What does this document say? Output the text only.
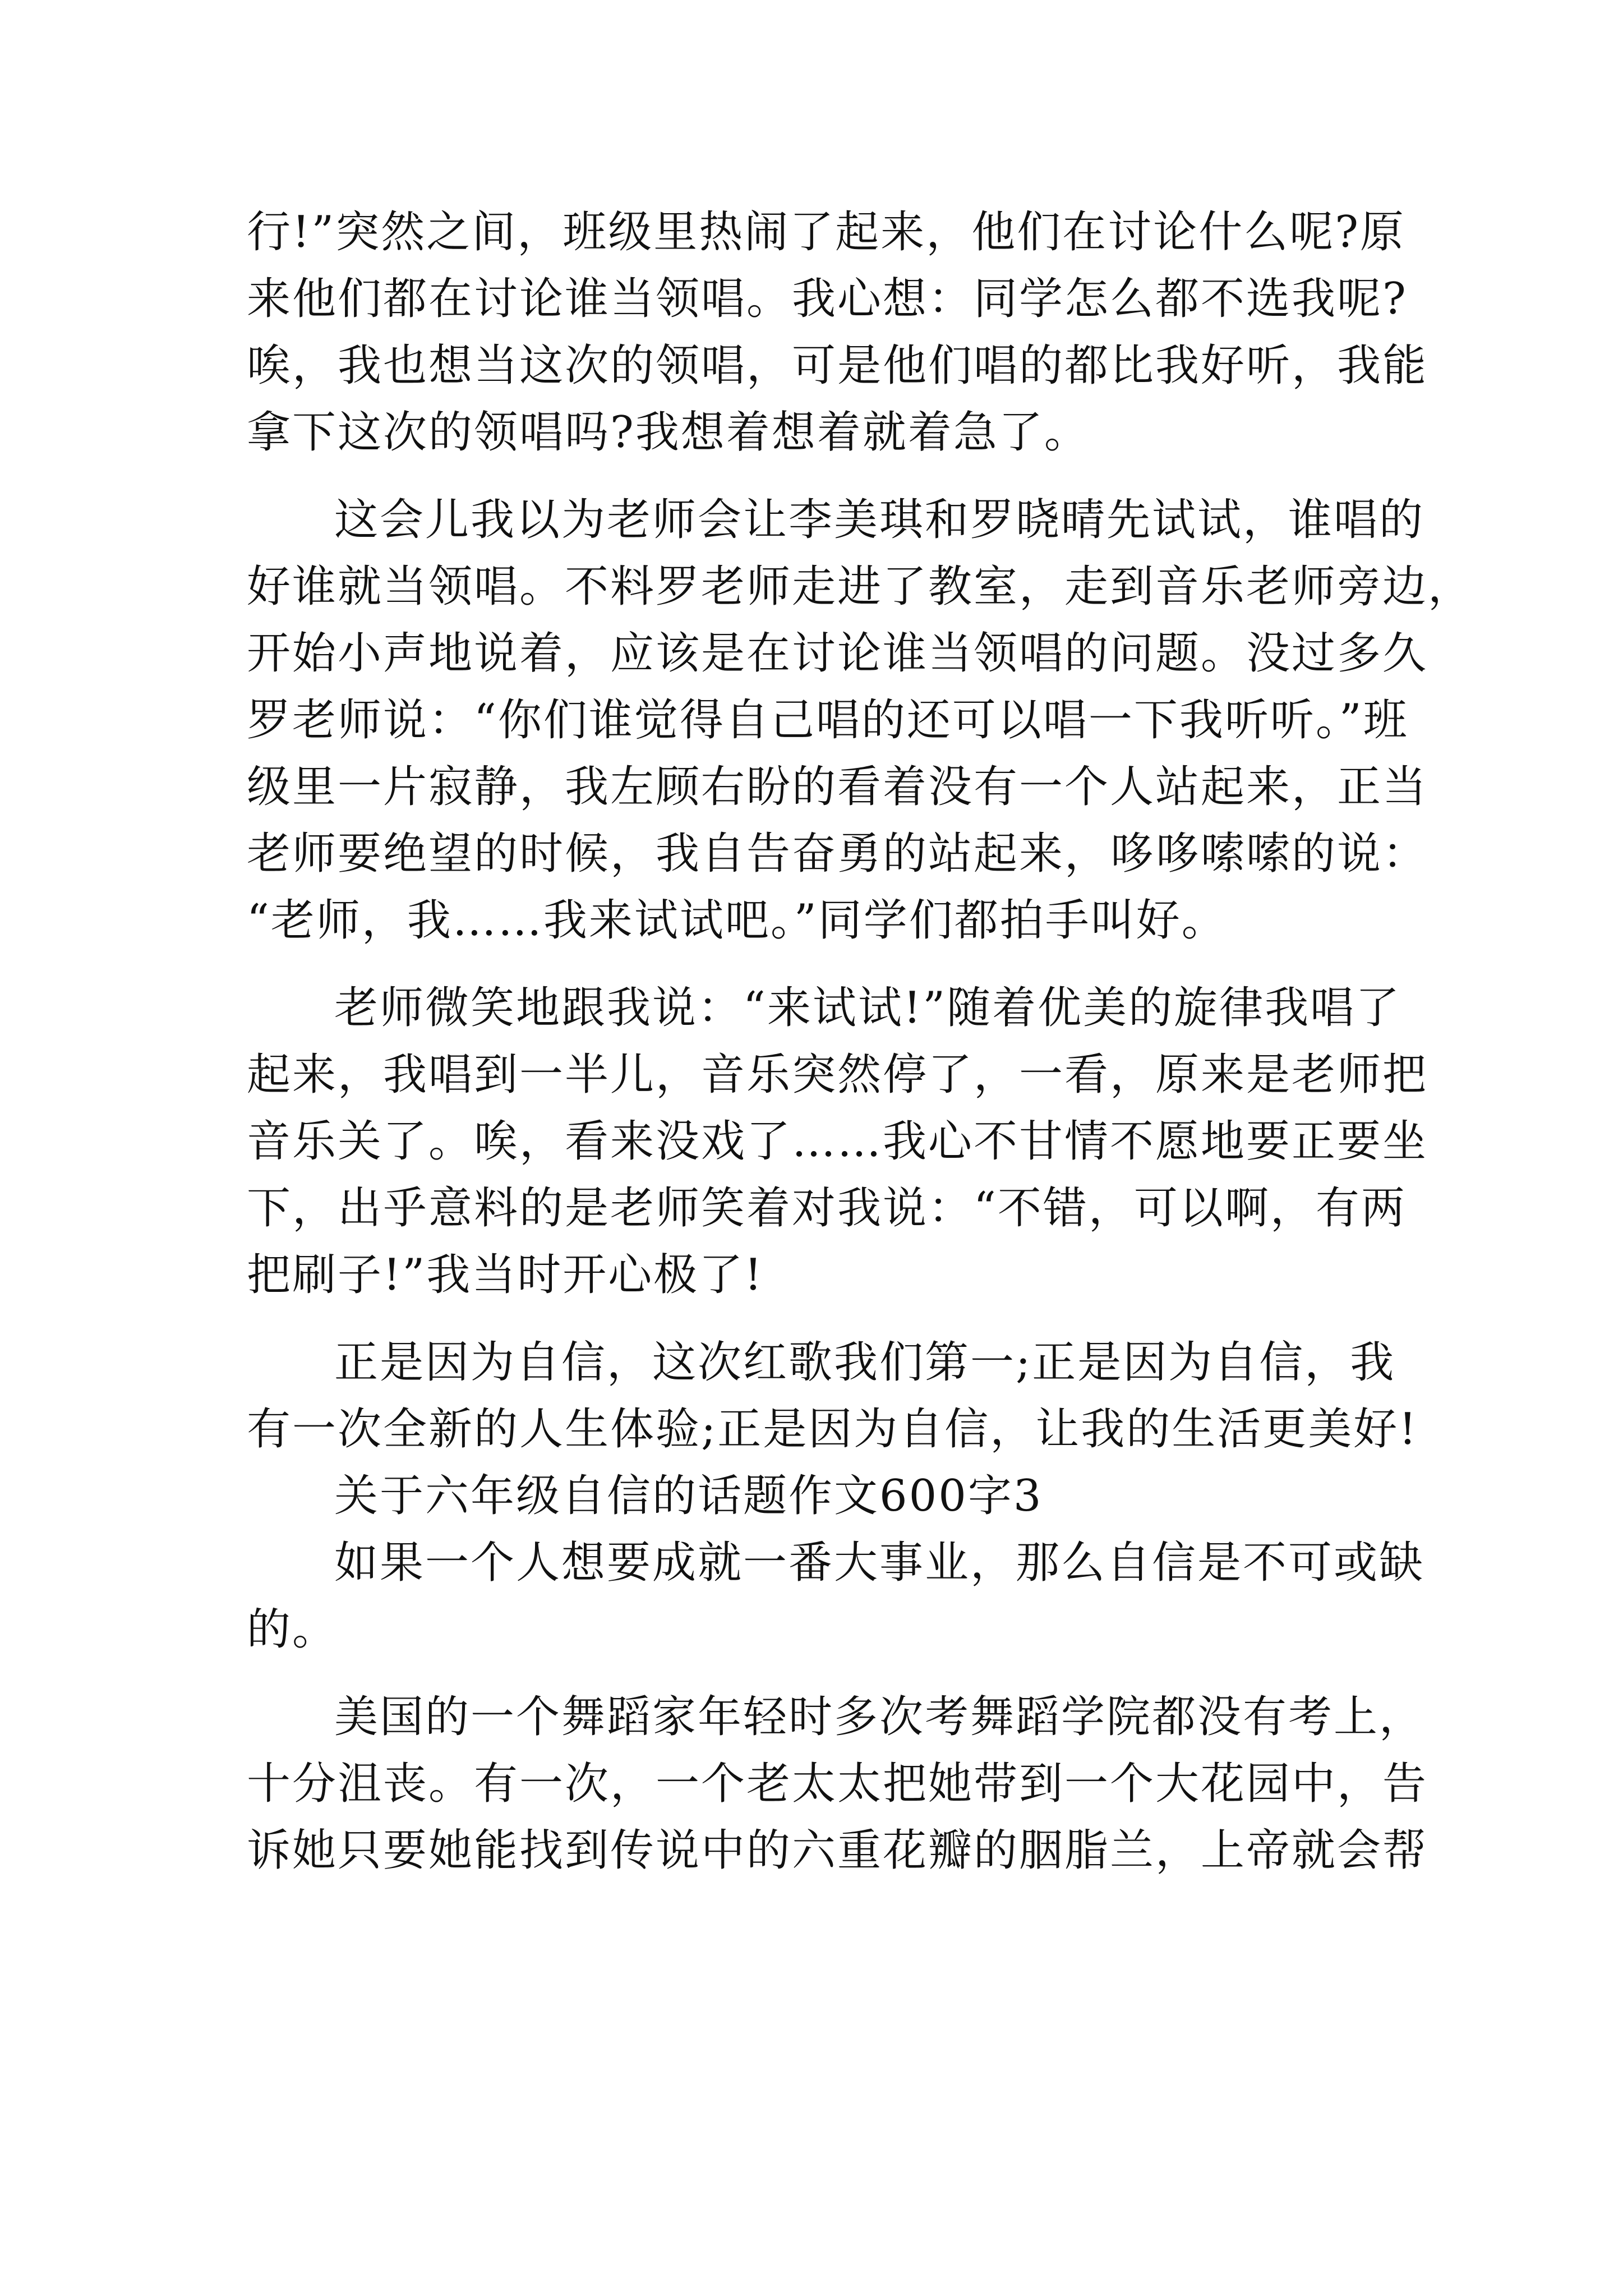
行!”突然之间，班级里热闹了起来，他们在讨论什么呢?原
来他们都在讨论谁当领唱。我心想：同学怎么都不选我呢?
唉，我也想当这次的领唱，可是他们唱的都比我好听，我能
拿下这次的领唱吗?我想着想着就着急了。
这会儿我以为老师会让李美琪和罗晓晴先试试，谁唱的
好谁就当领唱。不料罗老师走进了教室，走到音乐老师旁边，
开始小声地说着，应该是在讨论谁当领唱的问题。没过多久
罗老师说：“你们谁觉得自己唱的还可以唱一下我听听。”班
级里一片寂静，我左顾右盼的看着没有一个人站起来，正当
老师要绝望的时候，我自告奋勇的站起来，哆哆嗦嗦的说：
“老师，我……我来试试吧。”同学们都拍手叫好。
老师微笑地跟我说：“来试试!”随着优美的旋律我唱了
起来，我唱到一半儿，音乐突然停了，一看，原来是老师把
音乐关了。唉，看来没戏了……我心不甘情不愿地要正要坐
下，出乎意料的是老师笑着对我说：“不错，可以啊，有两
把刷子!”我当时开心极了!
正是因为自信，这次红歌我们第一;正是因为自信，我
有一次全新的人生体验;正是因为自信，让我的生活更美好!
关于六年级自信的话题作文600字3
如果一个人想要成就一番大事业，那么自信是不可或缺
的。
美国的一个舞蹈家年轻时多次考舞蹈学院都没有考上，
十分沮丧。有一次，一个老太太把她带到一个大花园中，告
诉她只要她能找到传说中的六重花瓣的胭脂兰，上帝就会帮
